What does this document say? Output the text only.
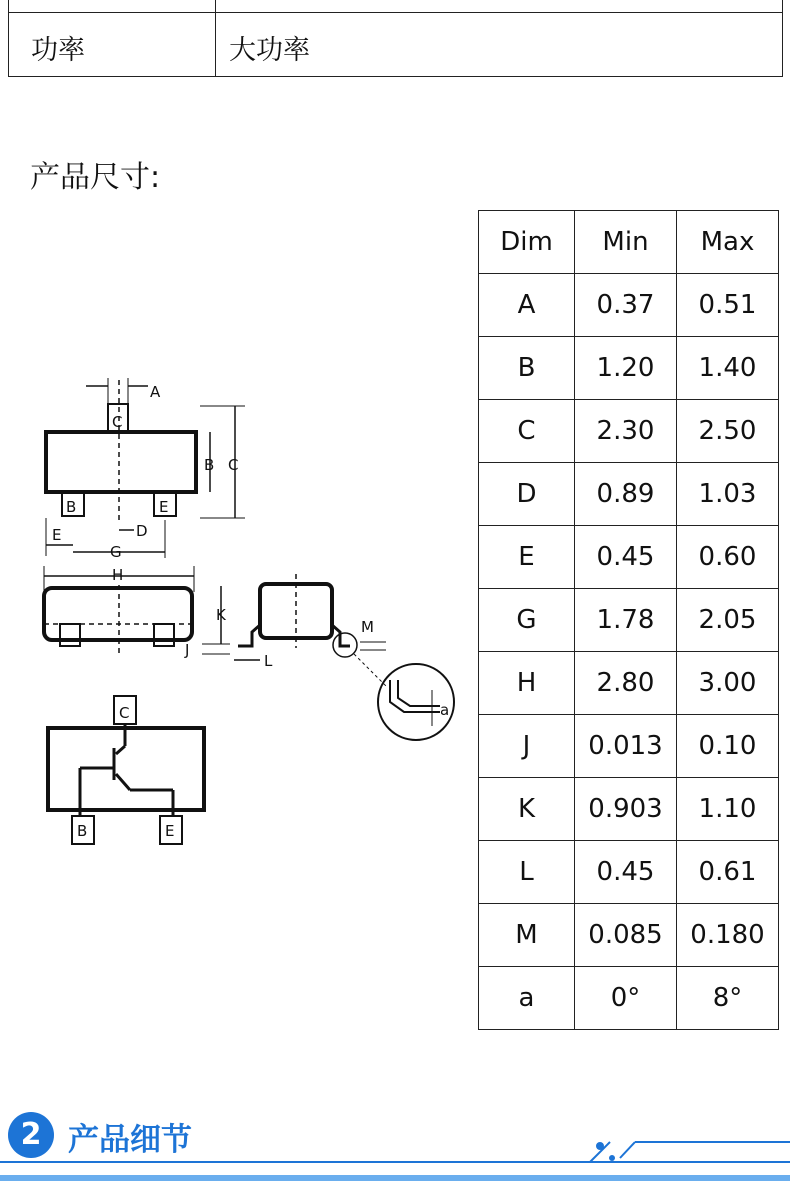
功率	大功率
产品尺寸:
Dim	Min	Max
A	0.37	0.51
B	1.20	1.40
C	2.30	2.50
D	0.89	1.03
E	0.45	0.60
G	1.78	2.05
H	2.80	3.00
J	0.013	0.10
K	0.903	1.10
L	0.45	0.61
M	0.085	0.180
a	0°	8°
C
B	E
A
B C
E	D
G
H
K
J
L
M
a
C
B	E
2 产品细节
